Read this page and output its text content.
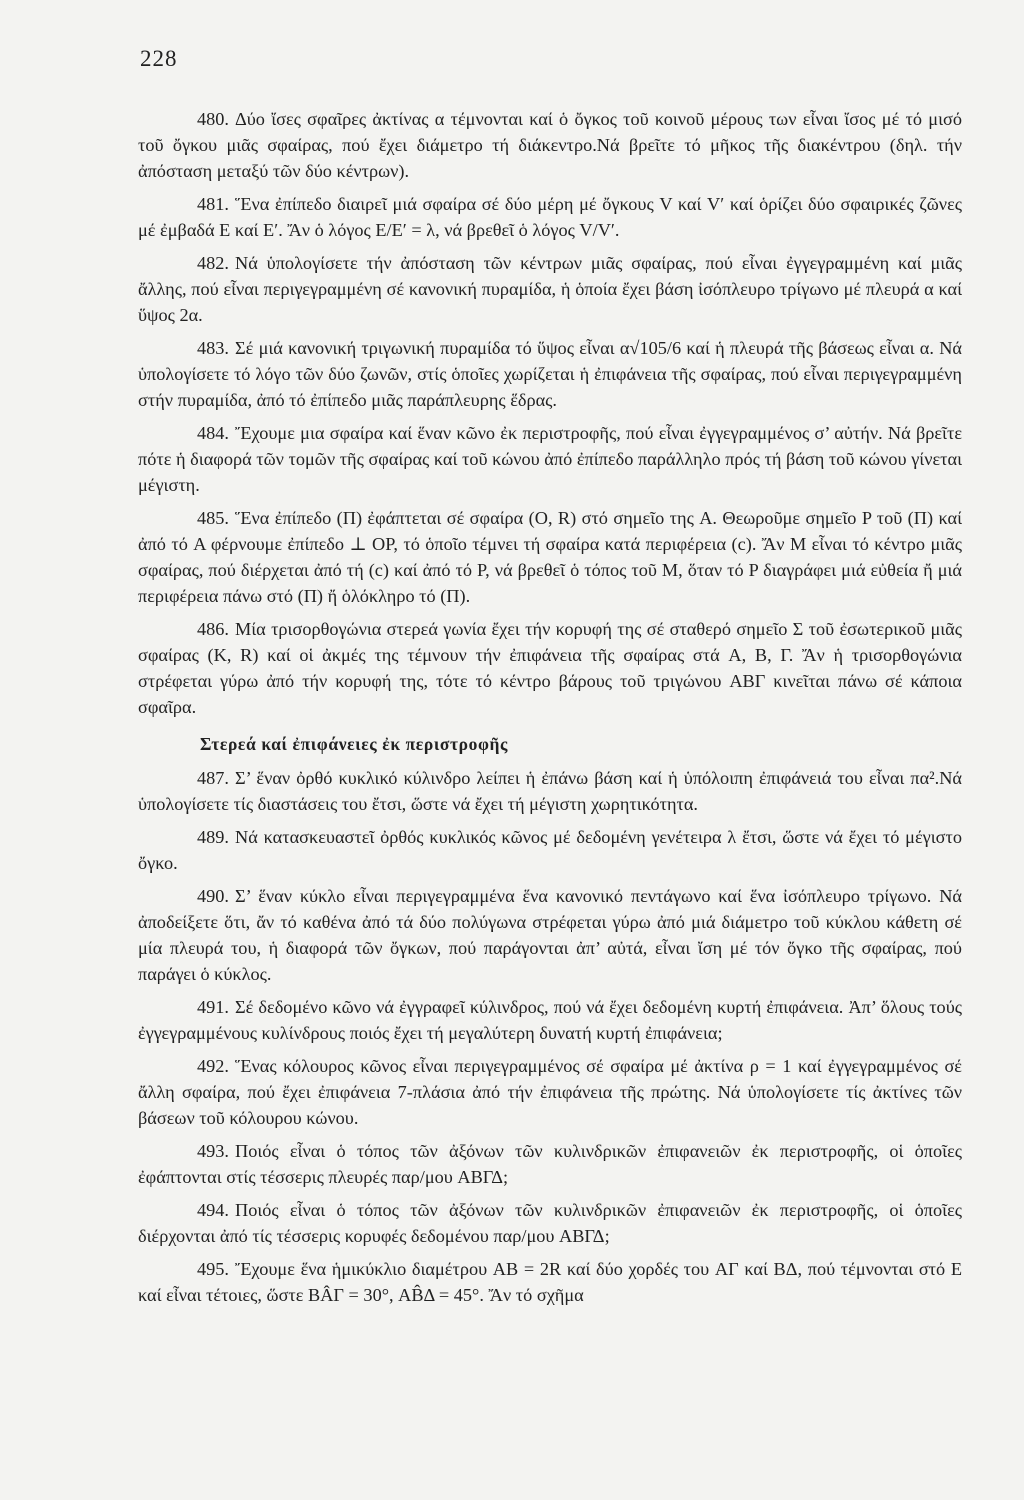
228

480. Δύο ἴσες σφαῖρες ἀκτίνας α τέμνονται καί ὁ ὄγκος τοῦ κοινοῦ μέρους των εἶναι ἴσος μέ τό μισό τοῦ ὄγκου μιᾶς σφαίρας, πού ἔχει διάμετρο τή διάκεντρο.Νά βρεῖτε τό μῆκος τῆς διακέντρου (δηλ. τήν ἀπόσταση μεταξύ τῶν δύο κέντρων).

481. Ἕνα ἐπίπεδο διαιρεῖ μιά σφαίρα σέ δύο μέρη μέ ὄγκους V καί V′ καί ὁρίζει δύο σφαιρικές ζῶνες μέ ἐμβαδά E καί E′. Ἄν ὁ λόγος E/E′ = λ, νά βρεθεῖ ὁ λόγος V/V′.

482. Νά ὑπολογίσετε τήν ἀπόσταση τῶν κέντρων μιᾶς σφαίρας, πού εἶναι ἐγγεγραμμένη καί μιᾶς ἄλλης, πού εἶναι περιγεγραμμένη σέ κανονική πυραμίδα, ἡ ὁποία ἔχει βάση ἰσόπλευρο τρίγωνο μέ πλευρά α καί ὕψος 2α.

483. Σέ μιά κανονική τριγωνική πυραμίδα τό ὕψος εἶναι α√105/6 καί ἡ πλευρά τῆς βάσεως εἶναι α. Νά ὑπολογίσετε τό λόγο τῶν δύο ζωνῶν, στίς ὁποῖες χωρίζεται ἡ ἐπιφάνεια τῆς σφαίρας, πού εἶναι περιγεγραμμένη στήν πυραμίδα, ἀπό τό ἐπίπεδο μιᾶς παράπλευρης ἕδρας.

484. Ἔχουμε μια σφαίρα καί ἕναν κῶνο ἐκ περιστροφῆς, πού εἶναι ἐγγεγραμμένος σ’ αὐτήν. Νά βρεῖτε πότε ἡ διαφορά τῶν τομῶν τῆς σφαίρας καί τοῦ κώνου ἀπό ἐπίπεδο παράλληλο πρός τή βάση τοῦ κώνου γίνεται μέγιστη.

485. Ἕνα ἐπίπεδο (Π) ἐφάπτεται σέ σφαίρα (O, R) στό σημεῖο της A. Θεωροῦμε σημεῖο P τοῦ (Π) καί ἀπό τό A φέρνουμε ἐπίπεδο ⊥ OP, τό ὁποῖο τέμνει τή σφαίρα κατά περιφέρεια (c). Ἄν M εἶναι τό κέντρο μιᾶς σφαίρας, πού διέρχεται ἀπό τή (c) καί ἀπό τό P, νά βρεθεῖ ὁ τόπος τοῦ M, ὅταν τό P διαγράφει μιά εὐθεία ἤ μιά περιφέρεια πάνω στό (Π) ἤ ὁλόκληρο τό (Π).

486. Μία τρισορθογώνια στερεά γωνία ἔχει τήν κορυφή της σέ σταθερό σημεῖο Σ τοῦ ἐσωτερικοῦ μιᾶς σφαίρας (K, R) καί οἱ ἀκμές της τέμνουν τήν ἐπιφάνεια τῆς σφαίρας στά A, B, Γ. Ἄν ἡ τρισορθογώνια στρέφεται γύρω ἀπό τήν κορυφή της, τότε τό κέντρο βάρους τοῦ τριγώνου ABΓ κινεῖται πάνω σέ κάποια σφαῖρα.

Στερεά καί ἐπιφάνειες ἐκ περιστροφῆς

487. Σ’ ἕναν ὀρθό κυκλικό κύλινδρο λείπει ἡ ἐπάνω βάση καί ἡ ὑπόλοιπη ἐπιφάνειά του εἶναι πα².Νά ὑπολογίσετε τίς διαστάσεις του ἔτσι, ὥστε νά ἔχει τή μέγιστη χωρητικότητα.

489. Νά κατασκευαστεῖ ὀρθός κυκλικός κῶνος μέ δεδομένη γενέτειρα λ ἔτσι, ὥστε νά ἔχει τό μέγιστο ὄγκο.

490. Σ’ ἕναν κύκλο εἶναι περιγεγραμμένα ἕνα κανονικό πεντάγωνο καί ἕνα ἰσόπλευρο τρίγωνο. Νά ἀποδείξετε ὅτι, ἄν τό καθένα ἀπό τά δύο πολύγωνα στρέφεται γύρω ἀπό μιά διάμετρο τοῦ κύκλου κάθετη σέ μία πλευρά του, ἡ διαφορά τῶν ὄγκων, πού παράγονται ἀπ’ αὐτά, εἶναι ἴση μέ τόν ὄγκο τῆς σφαίρας, πού παράγει ὁ κύκλος.

491. Σέ δεδομένο κῶνο νά ἐγγραφεῖ κύλινδρος, πού νά ἔχει δεδομένη κυρτή ἐπιφάνεια. Ἀπ’ ὅλους τούς ἐγγεγραμμένους κυλίνδρους ποιός ἔχει τή μεγαλύτερη δυνατή κυρτή ἐπιφάνεια;

492. Ἕνας κόλουρος κῶνος εἶναι περιγεγραμμένος σέ σφαίρα μέ ἀκτίνα ρ = 1 καί ἐγγεγραμμένος σέ ἄλλη σφαίρα, πού ἔχει ἐπιφάνεια 7-πλάσια ἀπό τήν ἐπιφάνεια τῆς πρώτης. Νά ὑπολογίσετε τίς ἀκτίνες τῶν βάσεων τοῦ κόλουρου κώνου.

493. Ποιός εἶναι ὁ τόπος τῶν ἀξόνων τῶν κυλινδρικῶν ἐπιφανειῶν ἐκ περιστροφῆς, οἱ ὁποῖες ἐφάπτονται στίς τέσσερις πλευρές παρ/μου ABΓΔ;

494. Ποιός εἶναι ὁ τόπος τῶν ἀξόνων τῶν κυλινδρικῶν ἐπιφανειῶν ἐκ περιστροφῆς, οἱ ὁποῖες διέρχονται ἀπό τίς τέσσερις κορυφές δεδομένου παρ/μου ABΓΔ;

495. Ἔχουμε ἕνα ἡμικύκλιο διαμέτρου AB = 2R καί δύο χορδές του AΓ καί BΔ, πού τέμνονται στό E καί εἶναι τέτοιες, ὥστε BÂΓ = 30°, AB̂Δ = 45°. Ἄν τό σχῆμα
